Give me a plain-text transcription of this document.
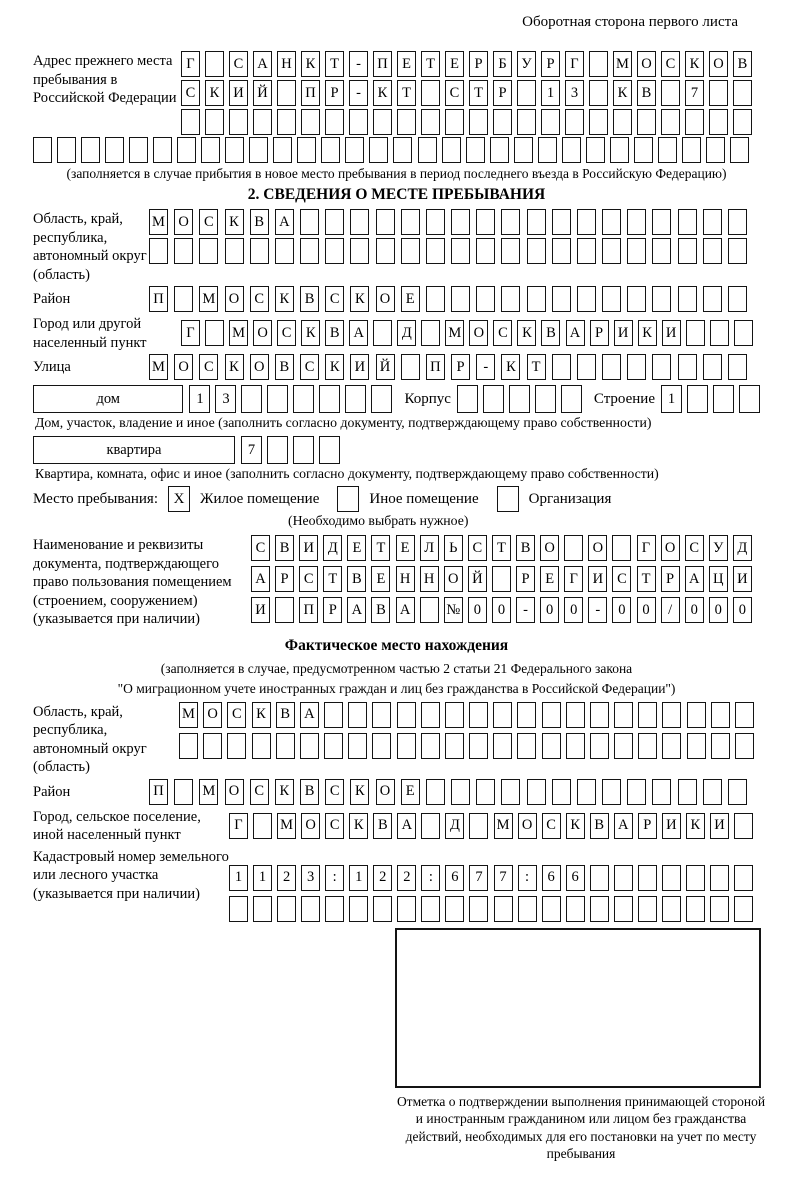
Оборотная сторона первого листа
Адрес прежнего места пребывания в Российской Федерации
Г	С А Н К	Т	-	П Е	Т	Е	Р	Б	У	Р	Г	М О С К О В
С К И Й	П	Р	-	К	Т	С	Т	Р	1	3	К В	7
(заполняется в случае прибытия в новое место пребывания в период последнего въезда в Российскую Федерацию)
2. СВЕДЕНИЯ О МЕСТЕ ПРЕБЫВАНИЯ
Область, край, республика, автономный округ (область)
М О	С	К	В	А
Район	П	М О	С	К	В	С	К	О	Е
Город или другой населенный пункт
Г	М О С К В А	Д	М О С К В А	Р	И К И
Улица	М О	С	К	О	В	С	К	И Й	П	Р	-	К	Т
дом	1	3	Корпус	Строение 1
Дом, участок, владение и иное (заполнить согласно документу, подтверждающему право собственности)
квартира	7
Квартира, комната, офис и иное (заполнить согласно документу, подтверждающему право собственности)
Место пребывания:	X	Жилое помещение	Иное помещение	Организация
(Необходимо выбрать нужное)
Наименование и реквизиты документа, подтверждающего право пользования помещением (строением, сооружением) (указывается при наличии)
С В И Д	Е	Т	Е	Л	Ь	С	Т	В О	О	Г	О С У Д
А	Р	С	Т	В	Е Н Н О Й	Р	Е	Г	И С	Т	Р	А Ц И
И	П	Р	А В А № 0	0	-	0	0	-	0	0	/	0	0	0
Фактическое место нахождения
(заполняется в случае, предусмотренном частью 2 статьи 21 Федерального закона
"О миграционном учете иностранных граждан и лиц без гражданства в Российской Федерации")
Область, край, республика, автономный округ (область)
М О С	К	В А
Район	П	М О	С	К	В	С	К	О	Е
Город, сельское поселение, иной населенный пункт
Г	М О С К В А	Д	М О С К В А	Р	И К И
Кадастровый номер земельного или лесного участка (указывается при наличии)
1	1	2	3	:	1	2	2	:	6	7	7	:	6	6
Отметка о подтверждении выполнения принимающей стороной и иностранным гражданином или лицом без гражданства действий, необходимых для его постановки на учет по месту пребывания
